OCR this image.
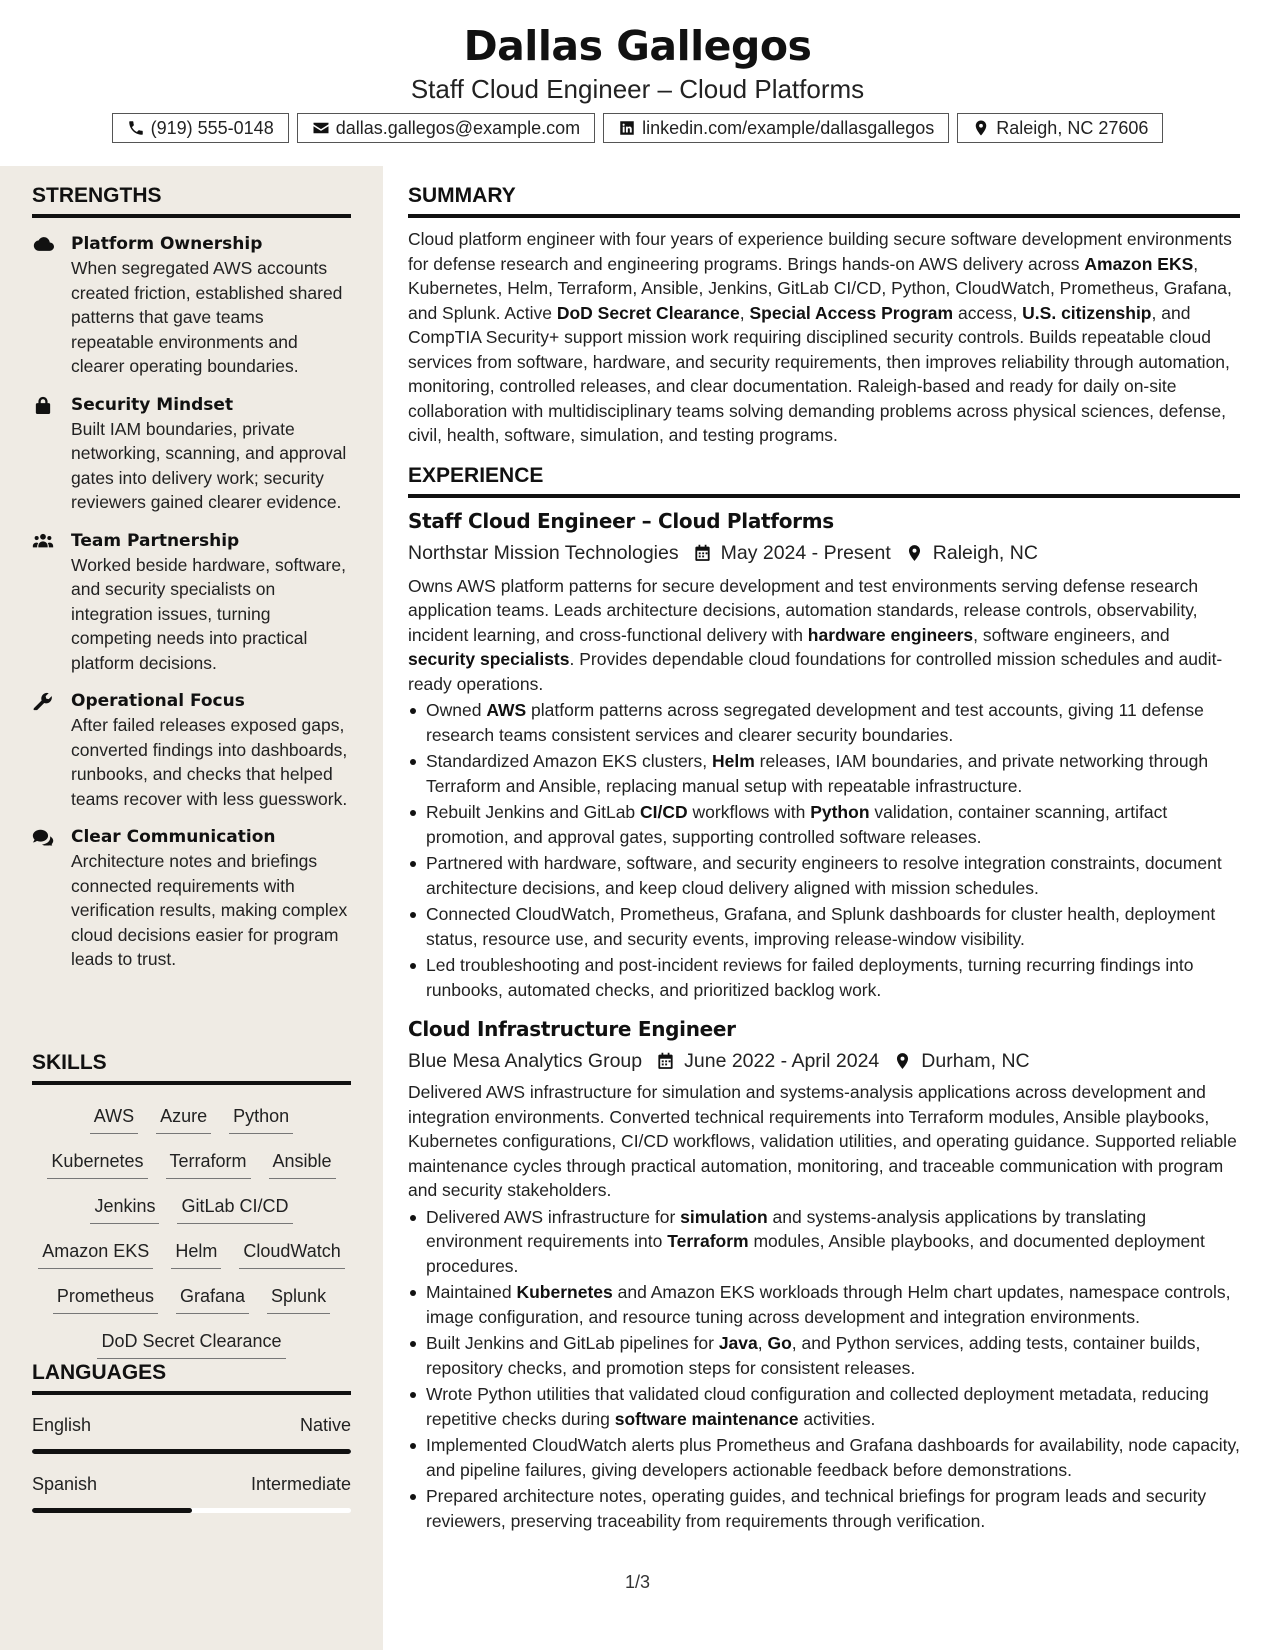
Dallas Gallegos
Staff Cloud Engineer – Cloud Platforms
(919) 555-0148	dallas.gallegos@example.com	linkedin.com/example/dallasgallegos	Raleigh, NC 27606
STRENGTHS
Platform Ownership
When segregated AWS accounts created friction, established shared patterns that gave teams repeatable environments and clearer operating boundaries.
Security Mindset
Built IAM boundaries, private networking, scanning, and approval gates into delivery work; security reviewers gained clearer evidence.
Team Partnership
Worked beside hardware, software, and security specialists on integration issues, turning competing needs into practical platform decisions.
Operational Focus
After failed releases exposed gaps, converted findings into dashboards, runbooks, and checks that helped teams recover with less guesswork.
Clear Communication
Architecture notes and briefings connected requirements with verification results, making complex cloud decisions easier for program leads to trust.
SKILLS
AWS Azure Python
Kubernetes Terraform Ansible
Jenkins GitLab CI/CD
Amazon EKS Helm CloudWatch
Prometheus Grafana Splunk
DoD Secret Clearance
LANGUAGES
English	Native
Spanish	Intermediate
SUMMARY
Cloud platform engineer with four years of experience building secure software development environments for defense research and engineering programs. Brings hands-on AWS delivery across Amazon EKS, Kubernetes, Helm, Terraform, Ansible, Jenkins, GitLab CI/CD, Python, CloudWatch, Prometheus, Grafana, and Splunk. Active DoD Secret Clearance, Special Access Program access, U.S. citizenship, and CompTIA Security+ support mission work requiring disciplined security controls. Builds repeatable cloud services from software, hardware, and security requirements, then improves reliability through automation, monitoring, controlled releases, and clear documentation. Raleigh-based and ready for daily on-site collaboration with multidisciplinary teams solving demanding problems across physical sciences, defense, civil, health, software, simulation, and testing programs.
EXPERIENCE
Staff Cloud Engineer – Cloud Platforms
Northstar Mission Technologies May 2024 - Present Raleigh, NC
Owns AWS platform patterns for secure development and test environments serving defense research application teams. Leads architecture decisions, automation standards, release controls, observability, incident learning, and cross-functional delivery with hardware engineers, software engineers, and security specialists. Provides dependable cloud foundations for controlled mission schedules and audit-ready operations.
Owned AWS platform patterns across segregated development and test accounts, giving 11 defense research teams consistent services and clearer security boundaries.
Standardized Amazon EKS clusters, Helm releases, IAM boundaries, and private networking through Terraform and Ansible, replacing manual setup with repeatable infrastructure.
Rebuilt Jenkins and GitLab CI/CD workflows with Python validation, container scanning, artifact promotion, and approval gates, supporting controlled software releases.
Partnered with hardware, software, and security engineers to resolve integration constraints, document architecture decisions, and keep cloud delivery aligned with mission schedules.
Connected CloudWatch, Prometheus, Grafana, and Splunk dashboards for cluster health, deployment status, resource use, and security events, improving release-window visibility.
Led troubleshooting and post-incident reviews for failed deployments, turning recurring findings into runbooks, automated checks, and prioritized backlog work.
Cloud Infrastructure Engineer
Blue Mesa Analytics Group June 2022 - April 2024 Durham, NC
Delivered AWS infrastructure for simulation and systems-analysis applications across development and integration environments. Converted technical requirements into Terraform modules, Ansible playbooks, Kubernetes configurations, CI/CD workflows, validation utilities, and operating guidance. Supported reliable maintenance cycles through practical automation, monitoring, and traceable communication with program and security stakeholders.
Delivered AWS infrastructure for simulation and systems-analysis applications by translating environment requirements into Terraform modules, Ansible playbooks, and documented deployment procedures.
Maintained Kubernetes and Amazon EKS workloads through Helm chart updates, namespace controls, image configuration, and resource tuning across development and integration environments.
Built Jenkins and GitLab pipelines for Java, Go, and Python services, adding tests, container builds, repository checks, and promotion steps for consistent releases.
Wrote Python utilities that validated cloud configuration and collected deployment metadata, reducing repetitive checks during software maintenance activities.
Implemented CloudWatch alerts plus Prometheus and Grafana dashboards for availability, node capacity, and pipeline failures, giving developers actionable feedback before demonstrations.
Prepared architecture notes, operating guides, and technical briefings for program leads and security reviewers, preserving traceability from requirements through verification.
1/3
